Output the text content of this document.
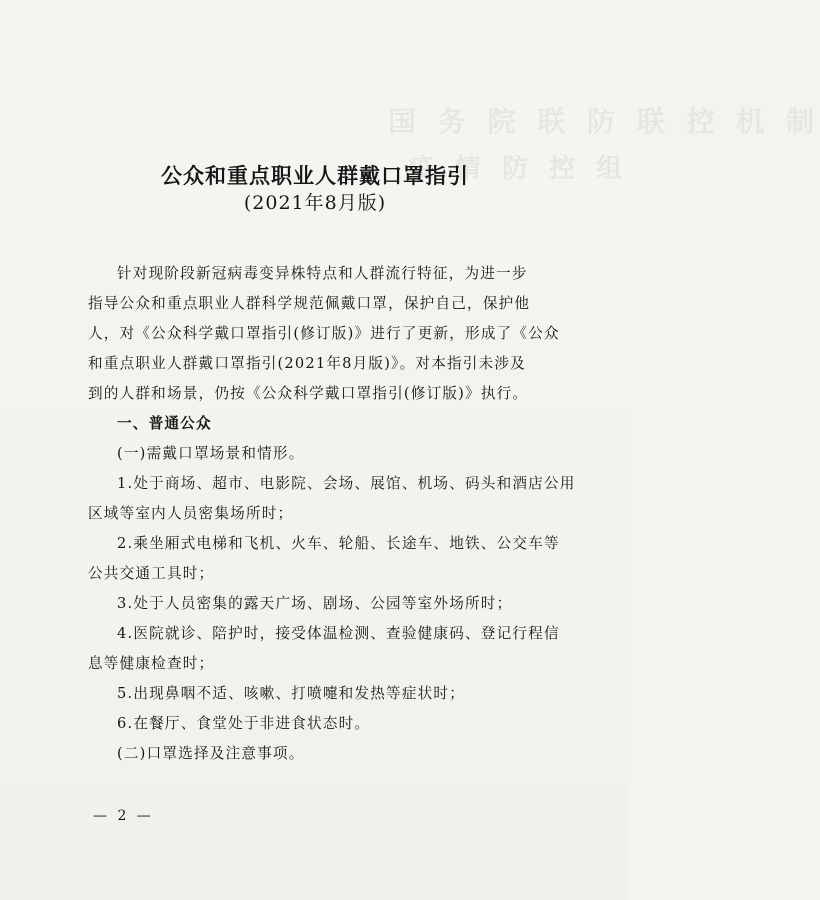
国 务 院 联 防 联 控 机 制
疫 情 防 控 组
公众和重点职业人群戴口罩指引
(2021年8月版)
针对现阶段新冠病毒变异株特点和人群流行特征，为进一步
指导公众和重点职业人群科学规范佩戴口罩，保护自己，保护他
人，对《公众科学戴口罩指引(修订版)》进行了更新，形成了《公众
和重点职业人群戴口罩指引(2021年8月版)》。对本指引未涉及
到的人群和场景，仍按《公众科学戴口罩指引(修订版)》执行。
一、普通公众
(一)需戴口罩场景和情形。
1.处于商场、超市、电影院、会场、展馆、机场、码头和酒店公用
区域等室内人员密集场所时；
2.乘坐厢式电梯和飞机、火车、轮船、长途车、地铁、公交车等
公共交通工具时；
3.处于人员密集的露天广场、剧场、公园等室外场所时；
4.医院就诊、陪护时，接受体温检测、查验健康码、登记行程信
息等健康检查时；
5.出现鼻咽不适、咳嗽、打喷嚏和发热等症状时；
6.在餐厅、食堂处于非进食状态时。
(二)口罩选择及注意事项。
— 2 —
